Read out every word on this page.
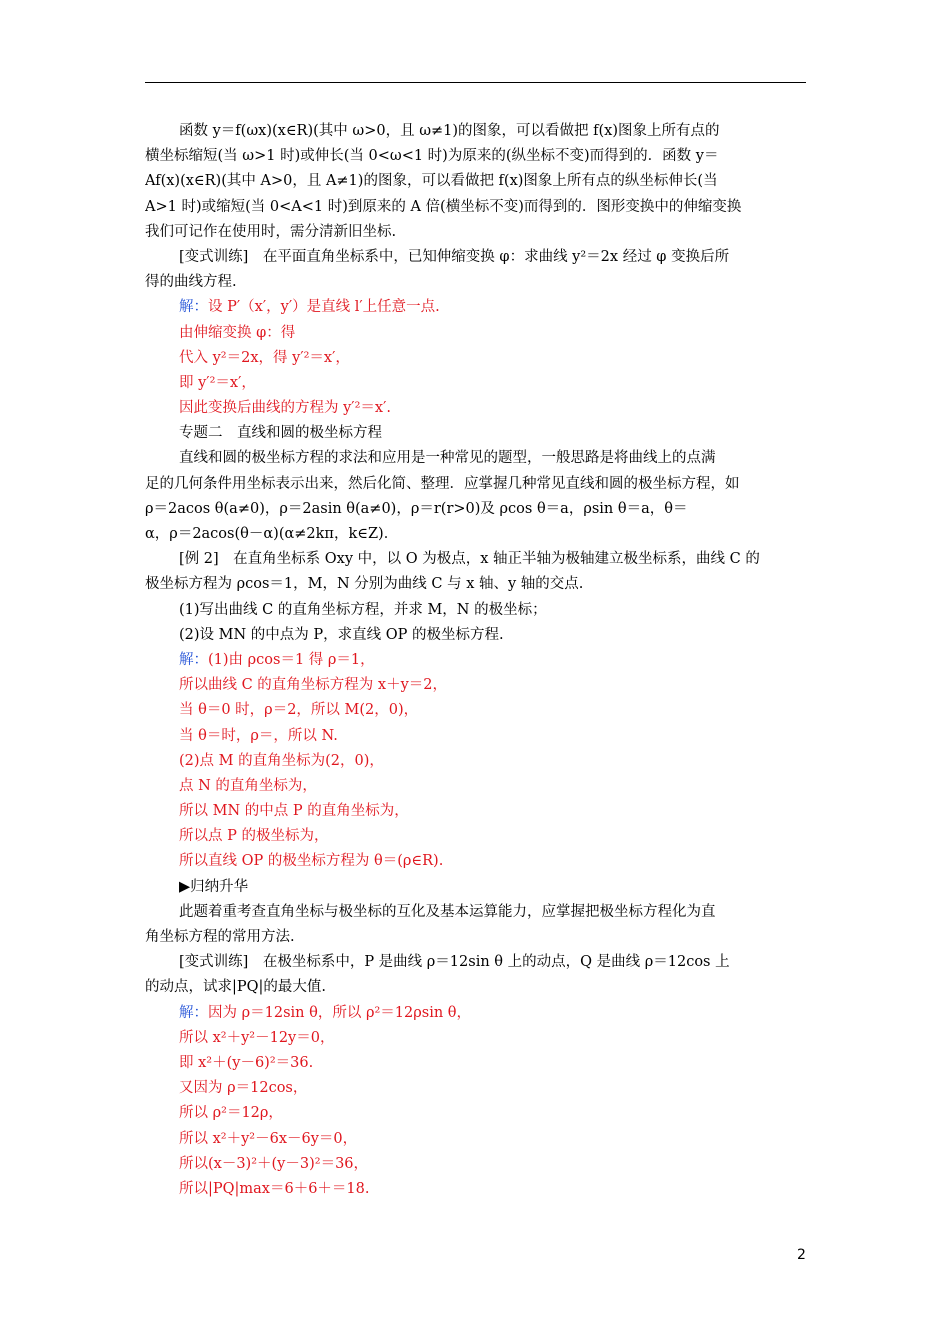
函数 y＝f(ωx)(x∈R)(其中 ω>0，且 ω≠1)的图象，可以看做把 f(x)图象上所有点的
横坐标缩短(当 ω>1 时)或伸长(当 0<ω<1 时)为原来的(纵坐标不变)而得到的．函数 y＝
Af(x)(x∈R)(其中 A>0，且 A≠1)的图象，可以看做把 f(x)图象上所有点的纵坐标伸长(当
A>1 时)或缩短(当 0<A<1 时)到原来的 A 倍(横坐标不变)而得到的．图形变换中的伸缩变换
我们可记作在使用时，需分清新旧坐标.
[变式训练]　在平面直角坐标系中，已知伸缩变换 φ：求曲线 y²＝2x 经过 φ 变换后所
得的曲线方程.
解：设 P′（x′，y′）是直线 l′上任意一点.
由伸缩变换 φ：得
代入 y²＝2x，得 y′²＝x′，
即 y′²＝x′，
因此变换后曲线的方程为 y′²＝x′.
专题二　直线和圆的极坐标方程
直线和圆的极坐标方程的求法和应用是一种常见的题型，一般思路是将曲线上的点满
足的几何条件用坐标表示出来，然后化简、整理．应掌握几种常见直线和圆的极坐标方程，如
ρ＝2acos θ(a≠0)，ρ＝2asin θ(a≠0)，ρ＝r(r>0)及 ρcos θ＝a，ρsin θ＝a，θ＝
α，ρ＝2acos(θ－α)(α≠2kπ，k∈Z)．
[例 2]　在直角坐标系 Oxy 中，以 O 为极点，x 轴正半轴为极轴建立极坐标系，曲线 C 的
极坐标方程为 ρcos＝1，M，N 分别为曲线 C 与 x 轴、y 轴的交点.
(1)写出曲线 C 的直角坐标方程，并求 M，N 的极坐标；
(2)设 MN 的中点为 P，求直线 OP 的极坐标方程.
解：(1)由 ρcos＝1 得 ρ＝1，
所以曲线 C 的直角坐标方程为 x＋y＝2，
当 θ＝0 时，ρ＝2，所以 M(2，0)，
当 θ＝时，ρ＝，所以 N.
(2)点 M 的直角坐标为(2，0)，
点 N 的直角坐标为，
所以 MN 的中点 P 的直角坐标为，
所以点 P 的极坐标为，
所以直线 OP 的极坐标方程为 θ＝(ρ∈R).
▶归纳升华
此题着重考查直角坐标与极坐标的互化及基本运算能力，应掌握把极坐标方程化为直
角坐标方程的常用方法.
[变式训练]　在极坐标系中，P 是曲线 ρ＝12sin θ 上的动点，Q 是曲线 ρ＝12cos 上
的动点，试求|PQ|的最大值.
解：因为 ρ＝12sin θ，所以 ρ²＝12ρsin θ，
所以 x²＋y²－12y＝0，
即 x²＋(y－6)²＝36.
又因为 ρ＝12cos，
所以 ρ²＝12ρ，
所以 x²＋y²－6x－6y＝0，
所以(x－3)²＋(y－3)²＝36，
所以|PQ|max＝6＋6＋＝18.
2
